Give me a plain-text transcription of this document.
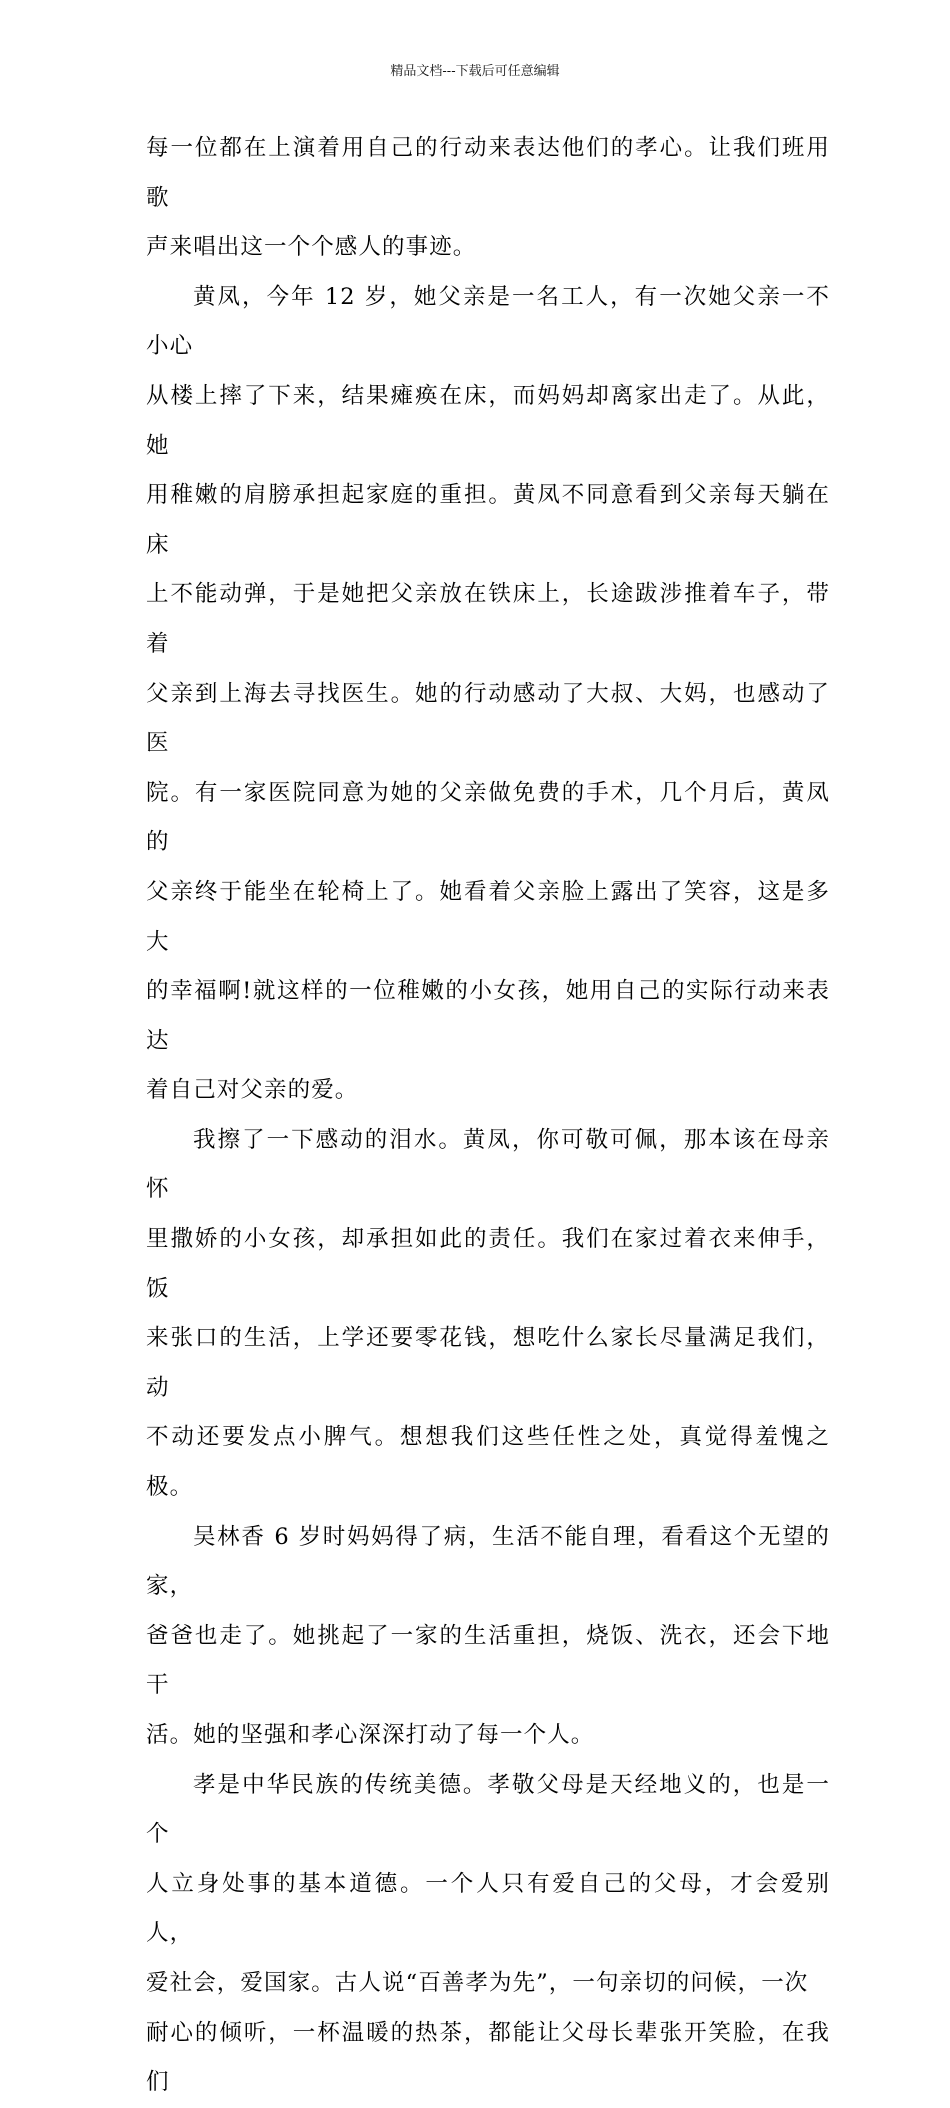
精品文档---下载后可任意编辑

每一位都在上演着用自己的行动来表达他们的孝心。让我们班用歌
声来唱出这一个个感人的事迹。

黄凤，今年 12 岁，她父亲是一名工人，有一次她父亲一不小心
从楼上摔了下来，结果瘫痪在床，而妈妈却离家出走了。从此，她
用稚嫩的肩膀承担起家庭的重担。黄凤不同意看到父亲每天躺在床
上不能动弹，于是她把父亲放在铁床上，长途跋涉推着车子，带着
父亲到上海去寻找医生。她的行动感动了大叔、大妈，也感动了医
院。有一家医院同意为她的父亲做免费的手术，几个月后，黄凤的
父亲终于能坐在轮椅上了。她看着父亲脸上露出了笑容，这是多大
的幸福啊!就这样的一位稚嫩的小女孩，她用自己的实际行动来表达
着自己对父亲的爱。

我擦了一下感动的泪水。黄凤，你可敬可佩，那本该在母亲怀
里撒娇的小女孩，却承担如此的责任。我们在家过着衣来伸手，饭
来张口的生活，上学还要零花钱，想吃什么家长尽量满足我们，动
不动还要发点小脾气。想想我们这些任性之处，真觉得羞愧之极。

吴林香 6 岁时妈妈得了病，生活不能自理，看看这个无望的家，
爸爸也走了。她挑起了一家的生活重担，烧饭、洗衣，还会下地干
活。她的坚强和孝心深深打动了每一个人。

孝是中华民族的传统美德。孝敬父母是天经地义的，也是一个
人立身处事的基本道德。一个人只有爱自己的父母，才会爱别人，
爱社会，爱国家。古人说“百善孝为先”，一句亲切的问候，一次
耐心的倾听，一杯温暖的热茶，都能让父母长辈张开笑脸，在我们
